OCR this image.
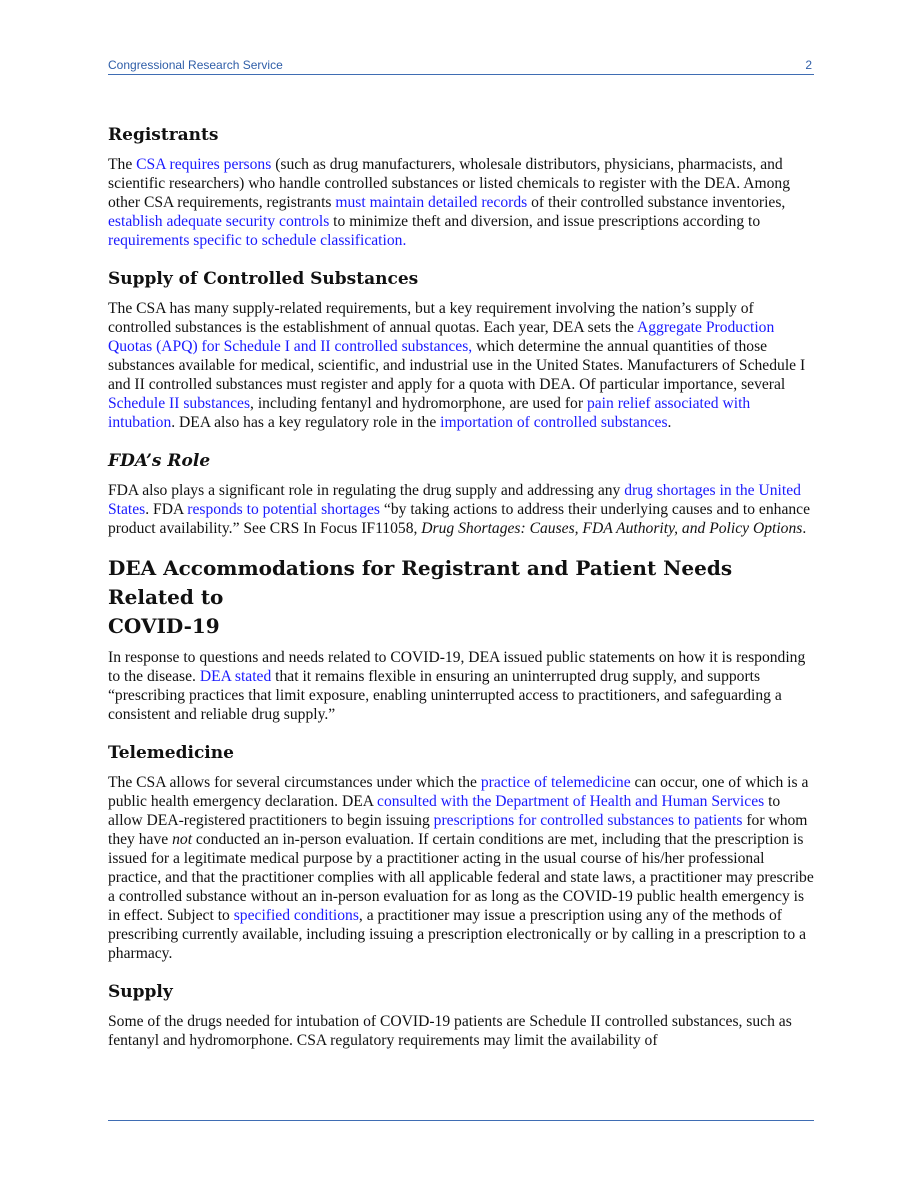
Congressional Research Service	2
Registrants

The CSA requires persons (such as drug manufacturers, wholesale distributors, physicians, pharmacists, and scientific researchers) who handle controlled substances or listed chemicals to register with the DEA. Among other CSA requirements, registrants must maintain detailed records of their controlled substance inventories, establish adequate security controls to minimize theft and diversion, and issue prescriptions according to requirements specific to schedule classification.

Supply of Controlled Substances

The CSA has many supply-related requirements, but a key requirement involving the nation’s supply of controlled substances is the establishment of annual quotas. Each year, DEA sets the Aggregate Production Quotas (APQ) for Schedule I and II controlled substances, which determine the annual quantities of those substances available for medical, scientific, and industrial use in the United States. Manufacturers of Schedule I and II controlled substances must register and apply for a quota with DEA. Of particular importance, several Schedule II substances, including fentanyl and hydromorphone, are used for pain relief associated with intubation. DEA also has a key regulatory role in the importation of controlled substances.

FDA’s Role

FDA also plays a significant role in regulating the drug supply and addressing any drug shortages in the United States. FDA responds to potential shortages “by taking actions to address their underlying causes and to enhance product availability.” See CRS In Focus IF11058, Drug Shortages: Causes, FDA Authority, and Policy Options.

DEA Accommodations for Registrant and Patient Needs Related to
COVID-19

In response to questions and needs related to COVID-19, DEA issued public statements on how it is responding to the disease. DEA stated that it remains flexible in ensuring an uninterrupted drug supply, and supports “prescribing practices that limit exposure, enabling uninterrupted access to practitioners, and safeguarding a consistent and reliable drug supply.”

Telemedicine

The CSA allows for several circumstances under which the practice of telemedicine can occur, one of which is a public health emergency declaration. DEA consulted with the Department of Health and Human Services to allow DEA-registered practitioners to begin issuing prescriptions for controlled substances to patients for whom they have not conducted an in-person evaluation. If certain conditions are met, including that the prescription is issued for a legitimate medical purpose by a practitioner acting in the usual course of his/her professional practice, and that the practitioner complies with all applicable federal and state laws, a practitioner may prescribe a controlled substance without an in-person evaluation for as long as the COVID-19 public health emergency is in effect. Subject to specified conditions, a practitioner may issue a prescription using any of the methods of prescribing currently available, including issuing a prescription electronically or by calling in a prescription to a pharmacy.

Supply

Some of the drugs needed for intubation of COVID-19 patients are Schedule II controlled substances, such as fentanyl and hydromorphone. CSA regulatory requirements may limit the availability of
